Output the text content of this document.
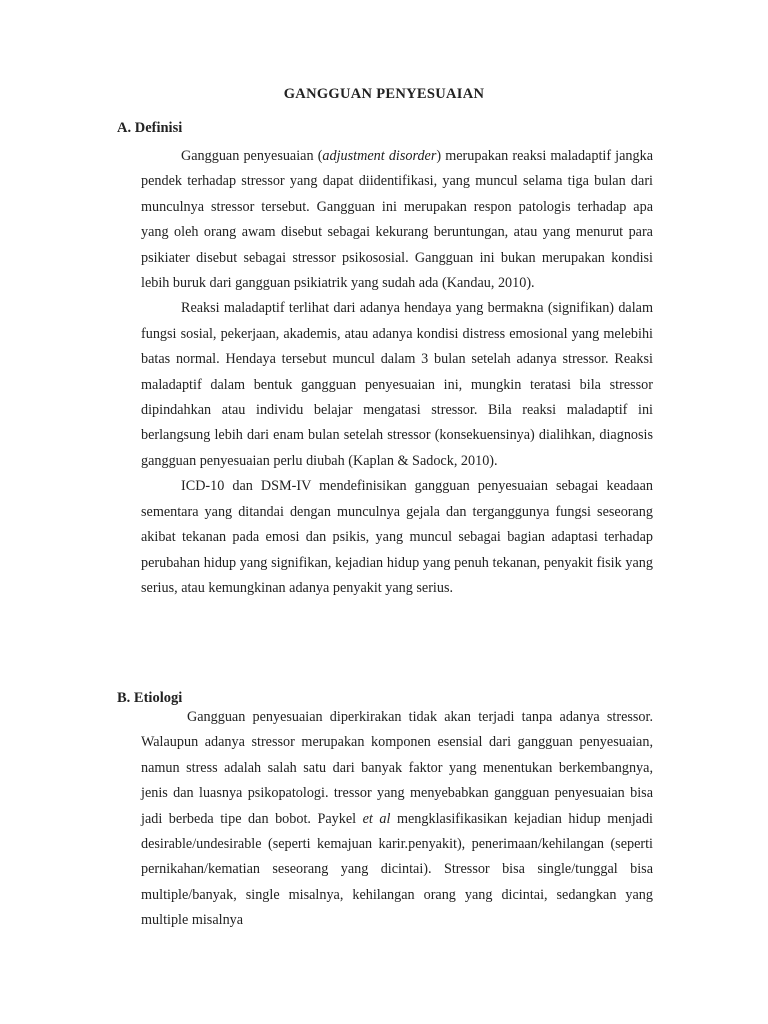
GANGGUAN PENYESUAIAN
A. Definisi

Gangguan penyesuaian (adjustment disorder) merupakan reaksi maladaptif jangka pendek terhadap stressor yang dapat diidentifikasi, yang muncul selama tiga bulan dari munculnya stressor tersebut. Gangguan ini merupakan respon patologis terhadap apa yang oleh orang awam disebut sebagai kekurang beruntungan, atau yang menurut para psikiater disebut sebagai stressor psikososial. Gangguan ini bukan merupakan kondisi lebih buruk dari gangguan psikiatrik yang sudah ada (Kandau, 2010).

Reaksi maladaptif terlihat dari adanya hendaya yang bermakna (signifikan) dalam fungsi sosial, pekerjaan, akademis, atau adanya kondisi distress emosional yang melebihi batas normal. Hendaya tersebut muncul dalam 3 bulan setelah adanya stressor. Reaksi maladaptif dalam bentuk gangguan penyesuaian ini, mungkin teratasi bila stressor dipindahkan atau individu belajar mengatasi stressor. Bila reaksi maladaptif ini berlangsung lebih dari enam bulan setelah stressor (konsekuensinya) dialihkan, diagnosis gangguan penyesuaian perlu diubah (Kaplan & Sadock, 2010).

ICD-10 dan DSM-IV mendefinisikan gangguan penyesuaian sebagai keadaan sementara yang ditandai dengan munculnya gejala dan terganggunya fungsi seseorang akibat tekanan pada emosi dan psikis, yang muncul sebagai bagian adaptasi terhadap perubahan hidup yang signifikan, kejadian hidup yang penuh tekanan, penyakit fisik yang serius, atau kemungkinan adanya penyakit yang serius.

B. Etiologi

Gangguan penyesuaian diperkirakan tidak akan terjadi tanpa adanya stressor. Walaupun adanya stressor merupakan komponen esensial dari gangguan penyesuaian, namun stress adalah salah satu dari banyak faktor yang menentukan berkembangnya, jenis dan luasnya psikopatologi. tressor yang menyebabkan gangguan penyesuaian bisa jadi berbeda tipe dan bobot. Paykel et al mengklasifikasikan kejadian hidup menjadi desirable/undesirable (seperti kemajuan karir.penyakit), penerimaan/kehilangan (seperti pernikahan/kematian seseorang yang dicintai). Stressor bisa single/tunggal bisa multiple/banyak, single misalnya, kehilangan orang yang dicintai, sedangkan yang multiple misalnya
